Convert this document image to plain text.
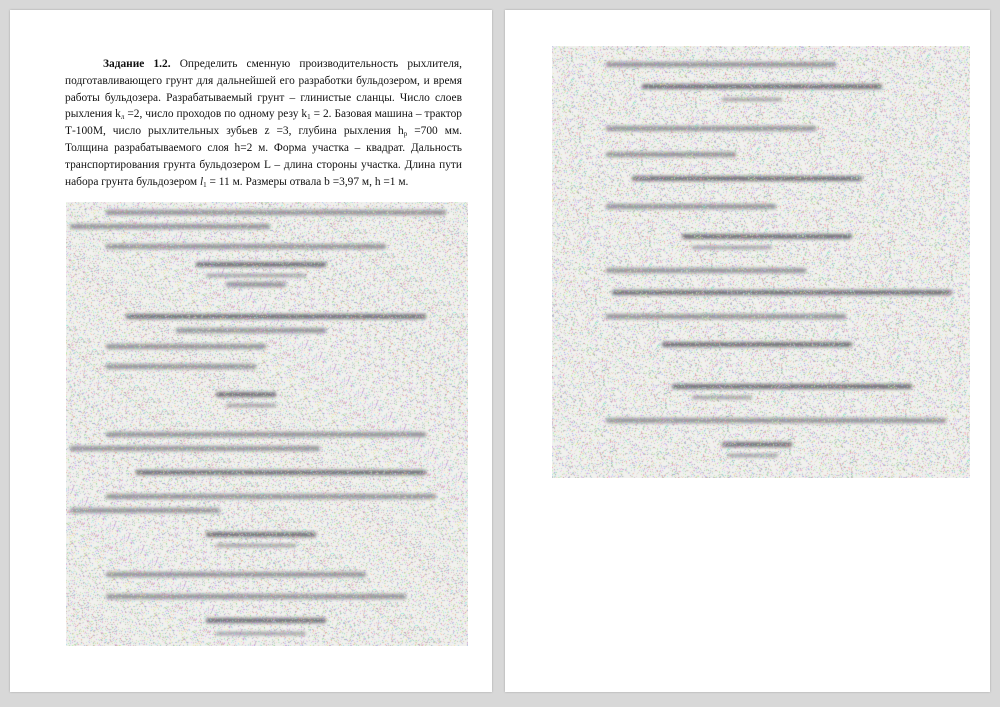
Задание 1.2. Определить сменную производительность рыхлителя, подготавливающего грунт для дальнейшей его разработки бульдозером, и время работы бульдозера. Разрабатываемый грунт – глинистые сланцы. Число слоев рыхления $k_л =2$, число проходов по одному резу $k_1 = 2$. Базовая машина – трактор Т-100М, число рыхлительных зубьев z =3, глубина рыхления $h_р =700$ мм. Толщина разрабатываемого слоя h=2 м. Форма участка – квадрат. Дальность транспортирования грунта бульдозером L – длина стороны участка. Длина пути набора грунта бульдозером $l_1 = 11$ м. Размеры отвала b =3,97 м, h =1 м.
